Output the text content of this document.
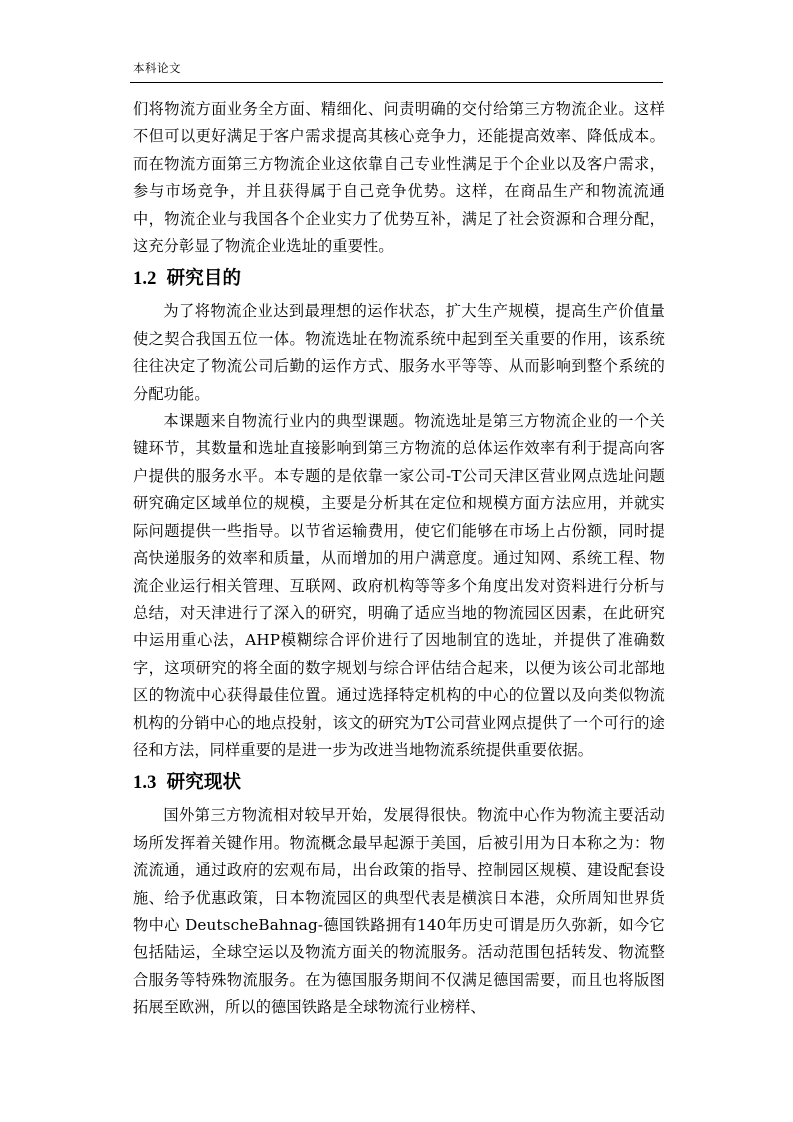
本科论文

们将物流方面业务全方面、精细化、问责明确的交付给第三方物流企业。这样不但可以更好满足于客户需求提高其核心竞争力，还能提高效率、降低成本。而在物流方面第三方物流企业这依靠自己专业性满足于个企业以及客户需求，参与市场竞争，并且获得属于自己竞争优势。这样，在商品生产和物流流通中，物流企业与我国各个企业实力了优势互补，满足了社会资源和合理分配，这充分彰显了物流企业选址的重要性。

1.2 研究目的

为了将物流企业达到最理想的运作状态，扩大生产规模，提高生产价值量使之契合我国五位一体。物流选址在物流系统中起到至关重要的作用，该系统往往决定了物流公司后勤的运作方式、服务水平等等、从而影响到整个系统的分配功能。

本课题来自物流行业内的典型课题。物流选址是第三方物流企业的一个关键环节，其数量和选址直接影响到第三方物流的总体运作效率有利于提高向客户提供的服务水平。本专题的是依靠一家公司-T公司天津区营业网点选址问题研究确定区域单位的规模，主要是分析其在定位和规模方面方法应用，并就实际问题提供一些指导。以节省运输费用，使它们能够在市场上占份额，同时提高快递服务的效率和质量，从而增加的用户满意度。通过知网、系统工程、物流企业运行相关管理、互联网、政府机构等等多个角度出发对资料进行分析与总结，对天津进行了深入的研究，明确了适应当地的物流园区因素，在此研究中运用重心法，AHP模糊综合评价进行了因地制宜的选址，并提供了准确数字，这项研究的将全面的数字规划与综合评估结合起来，以便为该公司北部地区的物流中心获得最佳位置。通过选择特定机构的中心的位置以及向类似物流机构的分销中心的地点投射，该文的研究为T公司营业网点提供了一个可行的途径和方法，同样重要的是进一步为改进当地物流系统提供重要依据。

1.3 研究现状

国外第三方物流相对较早开始，发展得很快。物流中心作为物流主要活动场所发挥着关键作用。物流概念最早起源于美国，后被引用为日本称之为：物流流通，通过政府的宏观布局，出台政策的指导、控制园区规模、建设配套设施、给予优惠政策，日本物流园区的典型代表是横滨日本港，众所周知世界货物中心 DeutscheBahnag-德国铁路拥有140年历史可谓是历久弥新，如今它包括陆运，全球空运以及物流方面关的物流服务。活动范围包括转发、物流整合服务等特殊物流服务。在为德国服务期间不仅满足德国需要，而且也将版图拓展至欧洲，所以的德国铁路是全球物流行业榜样、
